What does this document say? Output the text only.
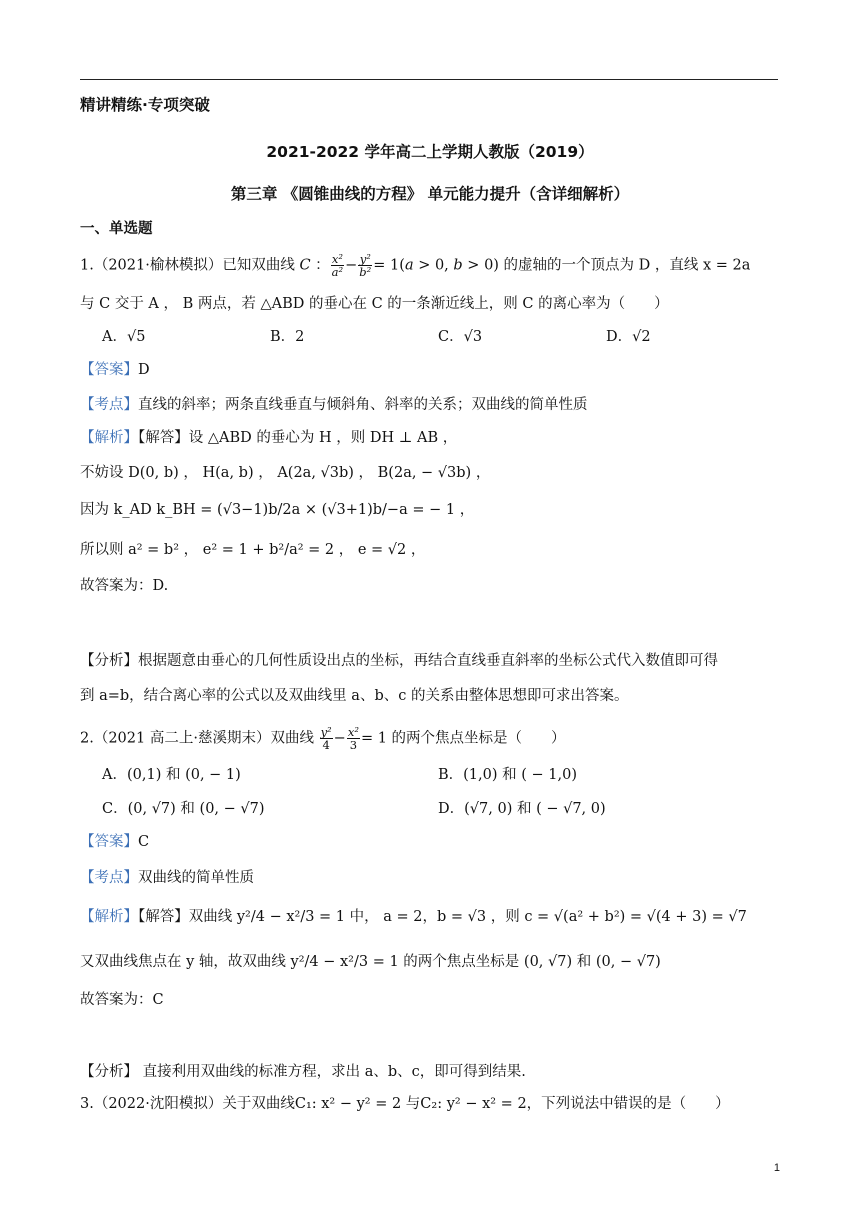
精讲精练·专项突破
2021-2022 学年高二上学期人教版（2019）
第三章 《圆锥曲线的方程》 单元能力提升（含详细解析）
一、单选题
1.（2021·榆林模拟）已知双曲线 C ： $\frac{\text{x²}}{\text{a²}} - \frac{\text{y²}}{\text{b²}} = 1(a > 0$, b > 0) 的虚轴的一个顶点为 D ，直线 x = 2a
与 C 交于 A ， B 两点，若 △ABD 的垂心在 C 的一条渐近线上，则 C 的离心率为（　　）
A．√5	B．2	C．√3	D．√2
【答案】D
【考点】直线的斜率；两条直线垂直与倾斜角、斜率的关系；双曲线的简单性质
【解析】【解答】设 △ABD 的垂心为 H ，则 DH ⊥ AB ，
不妨设 D(0, b) ， H(a, b) ， A(2a, √3b) ， B(2a, − √3b) ，
因为 k_AD k_BH = (√3−1)b/2a × (√3+1)b/−a = − 1 ，
所以则 a² = b² ， e² = 1 + b²/a² = 2 ， e = √2 ，
故答案为：D.
【分析】根据题意由垂心的几何性质设出点的坐标，再结合直线垂直斜率的坐标公式代入数值即可得
到 a=b，结合离心率的公式以及双曲线里 a、b、c 的关系由整体思想即可求出答案。
2.（2021 高二上·慈溪期末）双曲线 $\frac{\text{y²}}{4} - \frac{\text{x²}}{3} = 1$ 的两个焦点坐标是（　　）
A．(0,1) 和 (0, − 1)	B．(1,0) 和 ( − 1,0)
C．(0, √7) 和 (0, − √7)	D．(√7, 0) 和 ( − √7, 0)
【答案】C
【考点】双曲线的简单性质
【解析】【解答】双曲线 y²/4 − x²/3 = 1 中， a = 2，b = √3 ，则 c = √(a² + b²) = √(4 + 3) = √7
又双曲线焦点在 y 轴，故双曲线 y²/4 − x²/3 = 1 的两个焦点坐标是 (0, √7) 和 (0, − √7)
故答案为：C
【分析】 直接利用双曲线的标准方程，求出 a、b、c，即可得到结果.
3.（2022·沈阳模拟）关于双曲线C₁: x² − y² = 2 与C₂: y² − x² = 2，下列说法中错误的是（　　）
1
